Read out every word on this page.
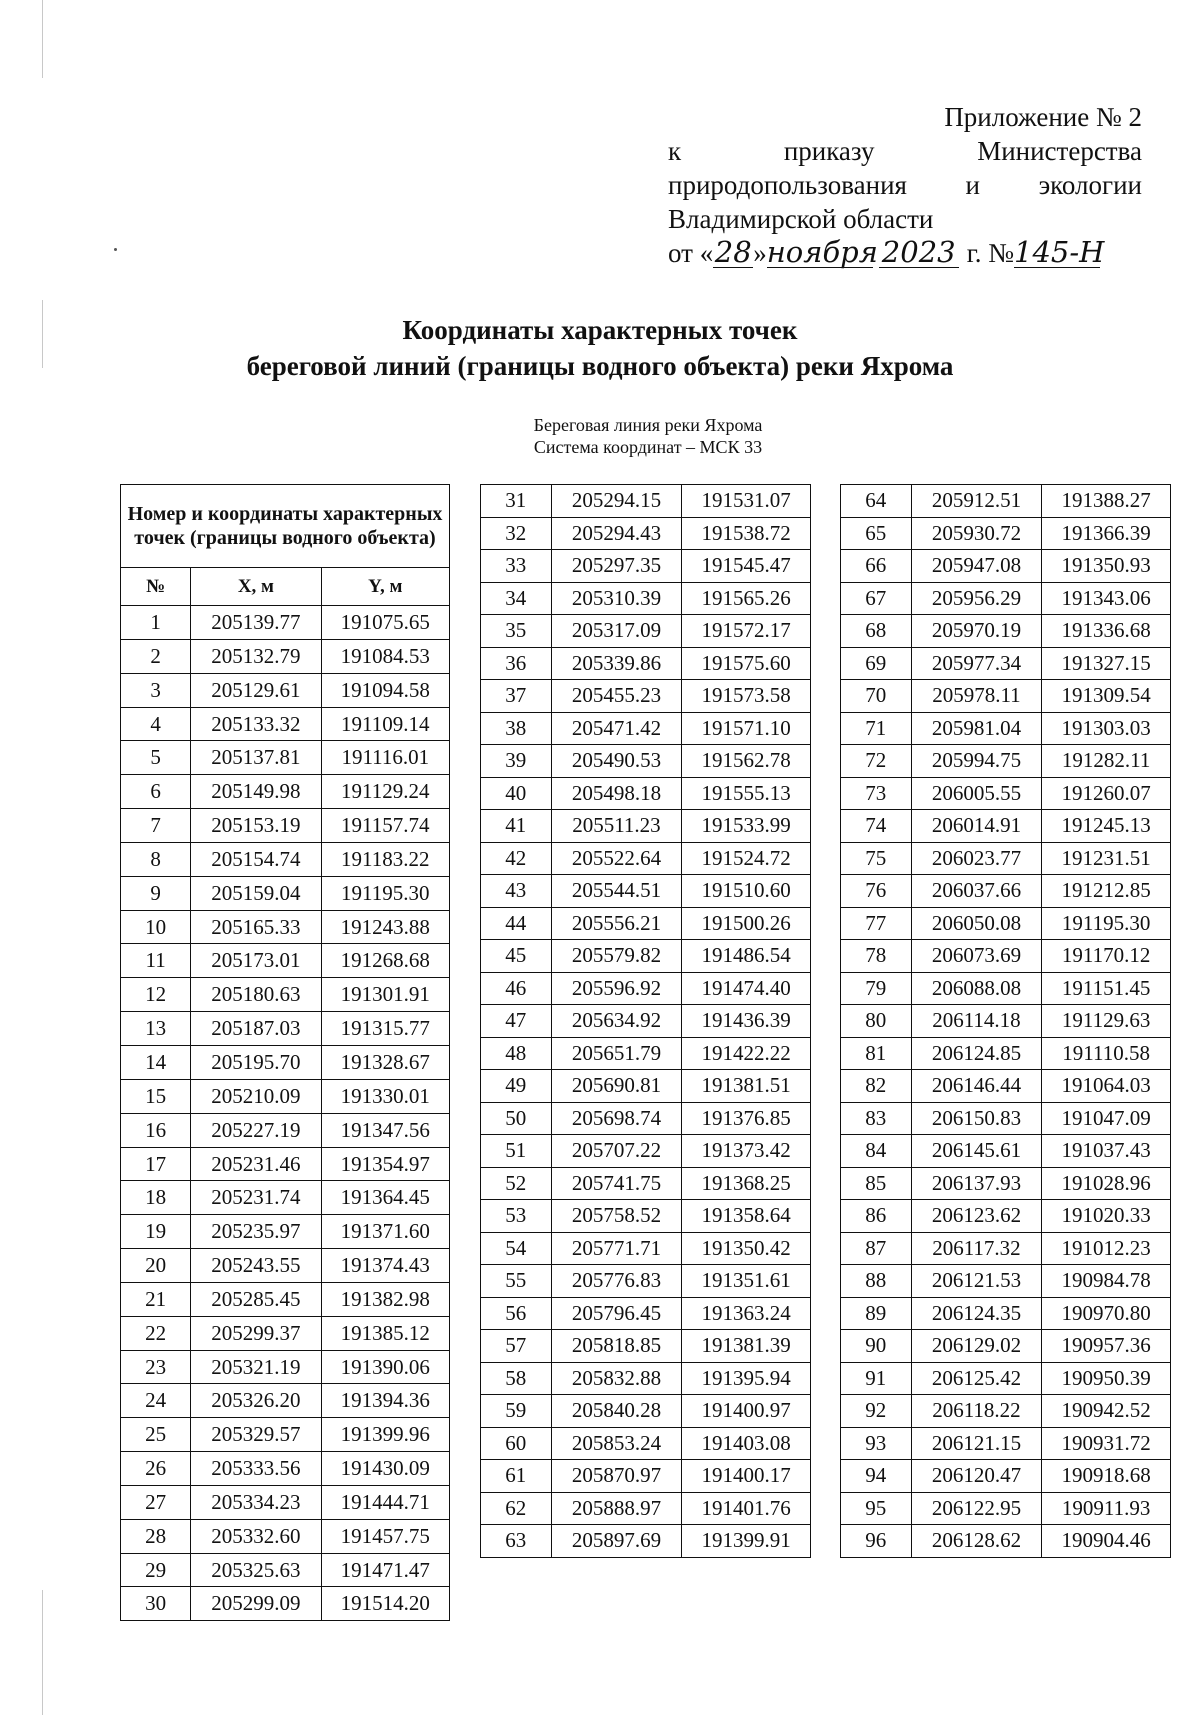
Приложение № 2
к	приказу	Министерства
природопользования и экологии
Владимирской области
от « 28 » ноября 2023 г. № 145-Н
Координаты характерных точек
береговой линий (границы водного объекта) реки Яхрома
Береговая линия реки Яхрома
Система координат – МСК 33
Номер и координаты характерных точек (границы водного объекта)		
№	X, м	Y, м
1	205139.77	191075.65
2	205132.79	191084.53
3	205129.61	191094.58
4	205133.32	191109.14
5	205137.81	191116.01
6	205149.98	191129.24
7	205153.19	191157.74
8	205154.74	191183.22
9	205159.04	191195.30
10	205165.33	191243.88
11	205173.01	191268.68
12	205180.63	191301.91
13	205187.03	191315.77
14	205195.70	191328.67
15	205210.09	191330.01
16	205227.19	191347.56
17	205231.46	191354.97
18	205231.74	191364.45
19	205235.97	191371.60
20	205243.55	191374.43
21	205285.45	191382.98
22	205299.37	191385.12
23	205321.19	191390.06
24	205326.20	191394.36
25	205329.57	191399.96
26	205333.56	191430.09
27	205334.23	191444.71
28	205332.60	191457.75
29	205325.63	191471.47
30	205299.09	191514.20
31	205294.15	191531.07
32	205294.43	191538.72
33	205297.35	191545.47
34	205310.39	191565.26
35	205317.09	191572.17
36	205339.86	191575.60
37	205455.23	191573.58
38	205471.42	191571.10
39	205490.53	191562.78
40	205498.18	191555.13
41	205511.23	191533.99
42	205522.64	191524.72
43	205544.51	191510.60
44	205556.21	191500.26
45	205579.82	191486.54
46	205596.92	191474.40
47	205634.92	191436.39
48	205651.79	191422.22
49	205690.81	191381.51
50	205698.74	191376.85
51	205707.22	191373.42
52	205741.75	191368.25
53	205758.52	191358.64
54	205771.71	191350.42
55	205776.83	191351.61
56	205796.45	191363.24
57	205818.85	191381.39
58	205832.88	191395.94
59	205840.28	191400.97
60	205853.24	191403.08
61	205870.97	191400.17
62	205888.97	191401.76
63	205897.69	191399.91
64	205912.51	191388.27
65	205930.72	191366.39
66	205947.08	191350.93
67	205956.29	191343.06
68	205970.19	191336.68
69	205977.34	191327.15
70	205978.11	191309.54
71	205981.04	191303.03
72	205994.75	191282.11
73	206005.55	191260.07
74	206014.91	191245.13
75	206023.77	191231.51
76	206037.66	191212.85
77	206050.08	191195.30
78	206073.69	191170.12
79	206088.08	191151.45
80	206114.18	191129.63
81	206124.85	191110.58
82	206146.44	191064.03
83	206150.83	191047.09
84	206145.61	191037.43
85	206137.93	191028.96
86	206123.62	191020.33
87	206117.32	191012.23
88	206121.53	190984.78
89	206124.35	190970.80
90	206129.02	190957.36
91	206125.42	190950.39
92	206118.22	190942.52
93	206121.15	190931.72
94	206120.47	190918.68
95	206122.95	190911.93
96	206128.62	190904.46
